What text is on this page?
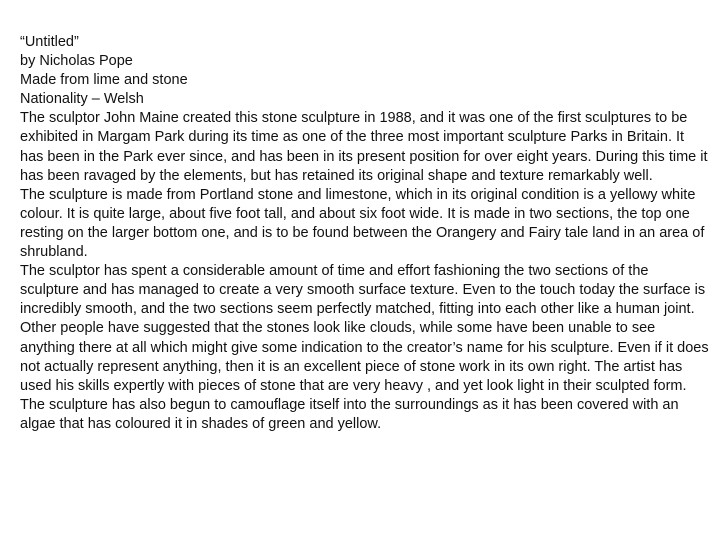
“Untitled”
by Nicholas Pope
Made from lime and stone
Nationality – Welsh

The sculptor John Maine created this stone sculpture in 1988, and it was one of the first sculptures to be exhibited in Margam Park during its time as one of the three most important sculpture Parks in Britain. It has been in the Park ever since, and has been in its present position for over eight years. During this time it has been ravaged by the elements, but has retained its original shape and texture remarkably well.

The sculpture is made from Portland stone and limestone, which in its original condition is a yellowy white colour. It is quite large, about five foot tall, and about six foot wide. It is made in two sections, the top one resting on the larger bottom one, and is to be found between the Orangery and Fairy tale land in an area of shrubland.

The sculptor has spent a considerable amount of time and effort fashioning the two sections of the sculpture and has managed to create a very smooth surface texture. Even to the touch today the surface is incredibly smooth, and the two sections seem perfectly matched, fitting into each other like a human joint.

Other people have suggested that the stones look like clouds, while some have been unable to see anything there at all which might give some indication to the creator’s name for his sculpture. Even if it does not actually represent anything, then it is an excellent piece of stone work in its own right. The artist has used his skills expertly with pieces of stone that are very heavy , and yet look light in their sculpted form.

The sculpture has also begun to camouflage itself into the surroundings as it has been covered with an algae that has coloured it in shades of green and yellow.
